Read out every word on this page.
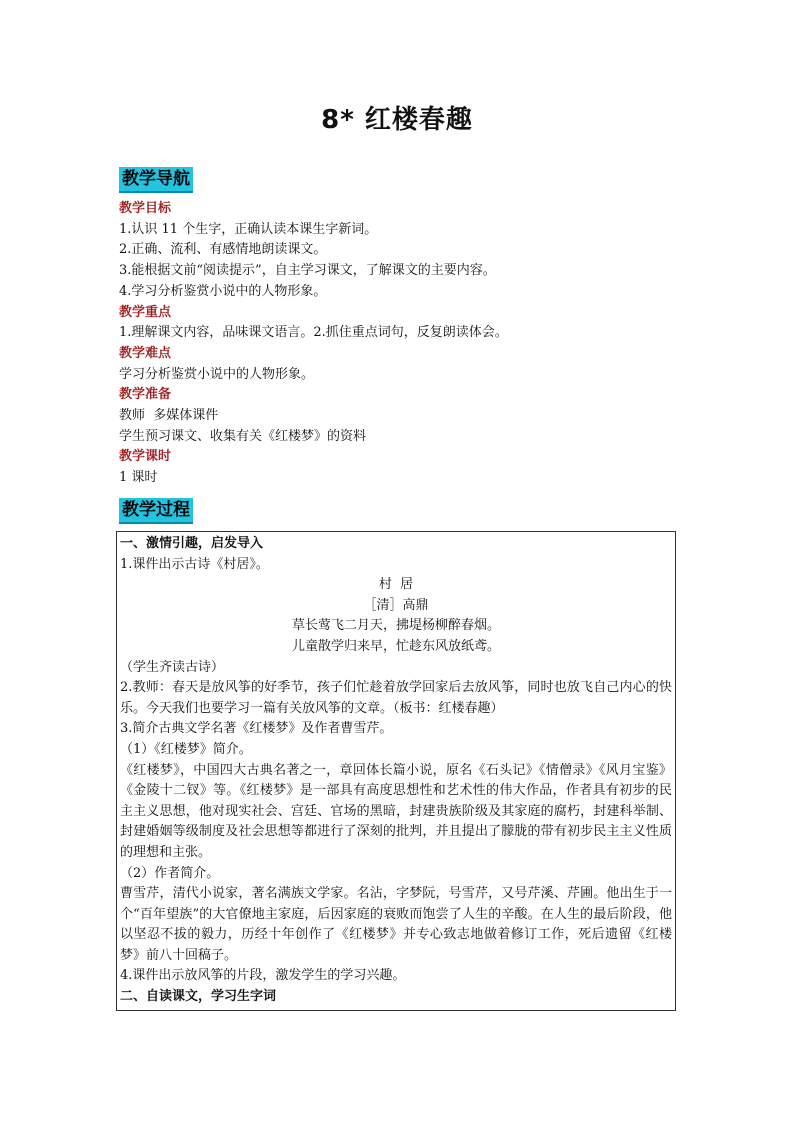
8* 红楼春趣
教学导航
教学目标
1.认识 11 个生字，正确认读本课生字新词。
2.正确、流利、有感情地朗读课文。
3.能根据文前“阅读提示”，自主学习课文，了解课文的主要内容。
4.学习分析鉴赏小说中的人物形象。
教学重点
1.理解课文内容，品味课文语言。2.抓住重点词句，反复朗读体会。
教学难点
学习分析鉴赏小说中的人物形象。
教学准备
教师  多媒体课件
学生预习课文、收集有关《红楼梦》的资料
教学课时
1 课时
教学过程
一、激情引趣，启发导入
1.课件出示古诗《村居》。
村  居
［清］高鼎
草长莺飞二月天，拂堤杨柳醉春烟。
儿童散学归来早，忙趁东风放纸鸢。
（学生齐读古诗）
2.教师：春天是放风筝的好季节，孩子们忙趁着放学回家后去放风筝，同时也放飞自己内心的快乐。今天我们也要学习一篇有关放风筝的文章。（板书：红楼春趣）
3.简介古典文学名著《红楼梦》及作者曹雪芹。
（1）《红楼梦》简介。
《红楼梦》，中国四大古典名著之一，章回体长篇小说，原名《石头记》《情僧录》《风月宝鉴》《金陵十二钗》等。《红楼梦》是一部具有高度思想性和艺术性的伟大作品，作者具有初步的民主主义思想，他对现实社会、宫廷、官场的黑暗，封建贵族阶级及其家庭的腐朽，封建科举制、封建婚姻等级制度及社会思想等都进行了深刻的批判，并且提出了朦胧的带有初步民主主义性质的理想和主张。
（2）作者简介。
曹雪芹，清代小说家，著名满族文学家。名沾，字梦阮，号雪芹，又号芹溪、芹圃。他出生于一个“百年望族”的大官僚地主家庭，后因家庭的衰败而饱尝了人生的辛酸。在人生的最后阶段，他以坚忍不拔的毅力，历经十年创作了《红楼梦》并专心致志地做着修订工作，死后遗留《红楼梦》前八十回稿子。
4.课件出示放风筝的片段，激发学生的学习兴趣。
二、自读课文，学习生字词
